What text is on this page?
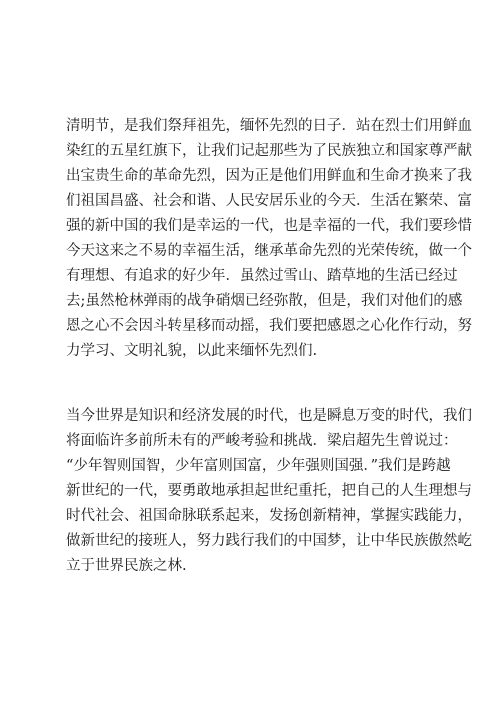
清明节，是我们祭拜祖先，缅怀先烈的日子．站在烈士们用鲜血
染红的五星红旗下，让我们记起那些为了民族独立和国家尊严献
出宝贵生命的革命先烈，因为正是他们用鲜血和生命才换来了我
们祖国昌盛、社会和谐、人民安居乐业的今天．生活在繁荣、富
强的新中国的我们是幸运的一代，也是幸福的一代，我们要珍惜
今天这来之不易的幸福生活，继承革命先烈的光荣传统，做一个
有理想、有追求的好少年．虽然过雪山、踏草地的生活已经过
去;虽然枪林弹雨的战争硝烟已经弥散，但是，我们对他们的感
恩之心不会因斗转星移而动摇，我们要把感恩之心化作行动，努
力学习、文明礼貌，以此来缅怀先烈们.

当今世界是知识和经济发展的时代，也是瞬息万变的时代，我们
将面临许多前所未有的严峻考验和挑战．梁启超先生曾说过：
“少年智则国智，少年富则国富，少年强则国强．”我们是跨越
新世纪的一代，要勇敢地承担起世纪重托，把自己的人生理想与
时代社会、祖国命脉联系起来，发扬创新精神，掌握实践能力，
做新世纪的接班人，努力践行我们的中国梦，让中华民族傲然屹
立于世界民族之林.
